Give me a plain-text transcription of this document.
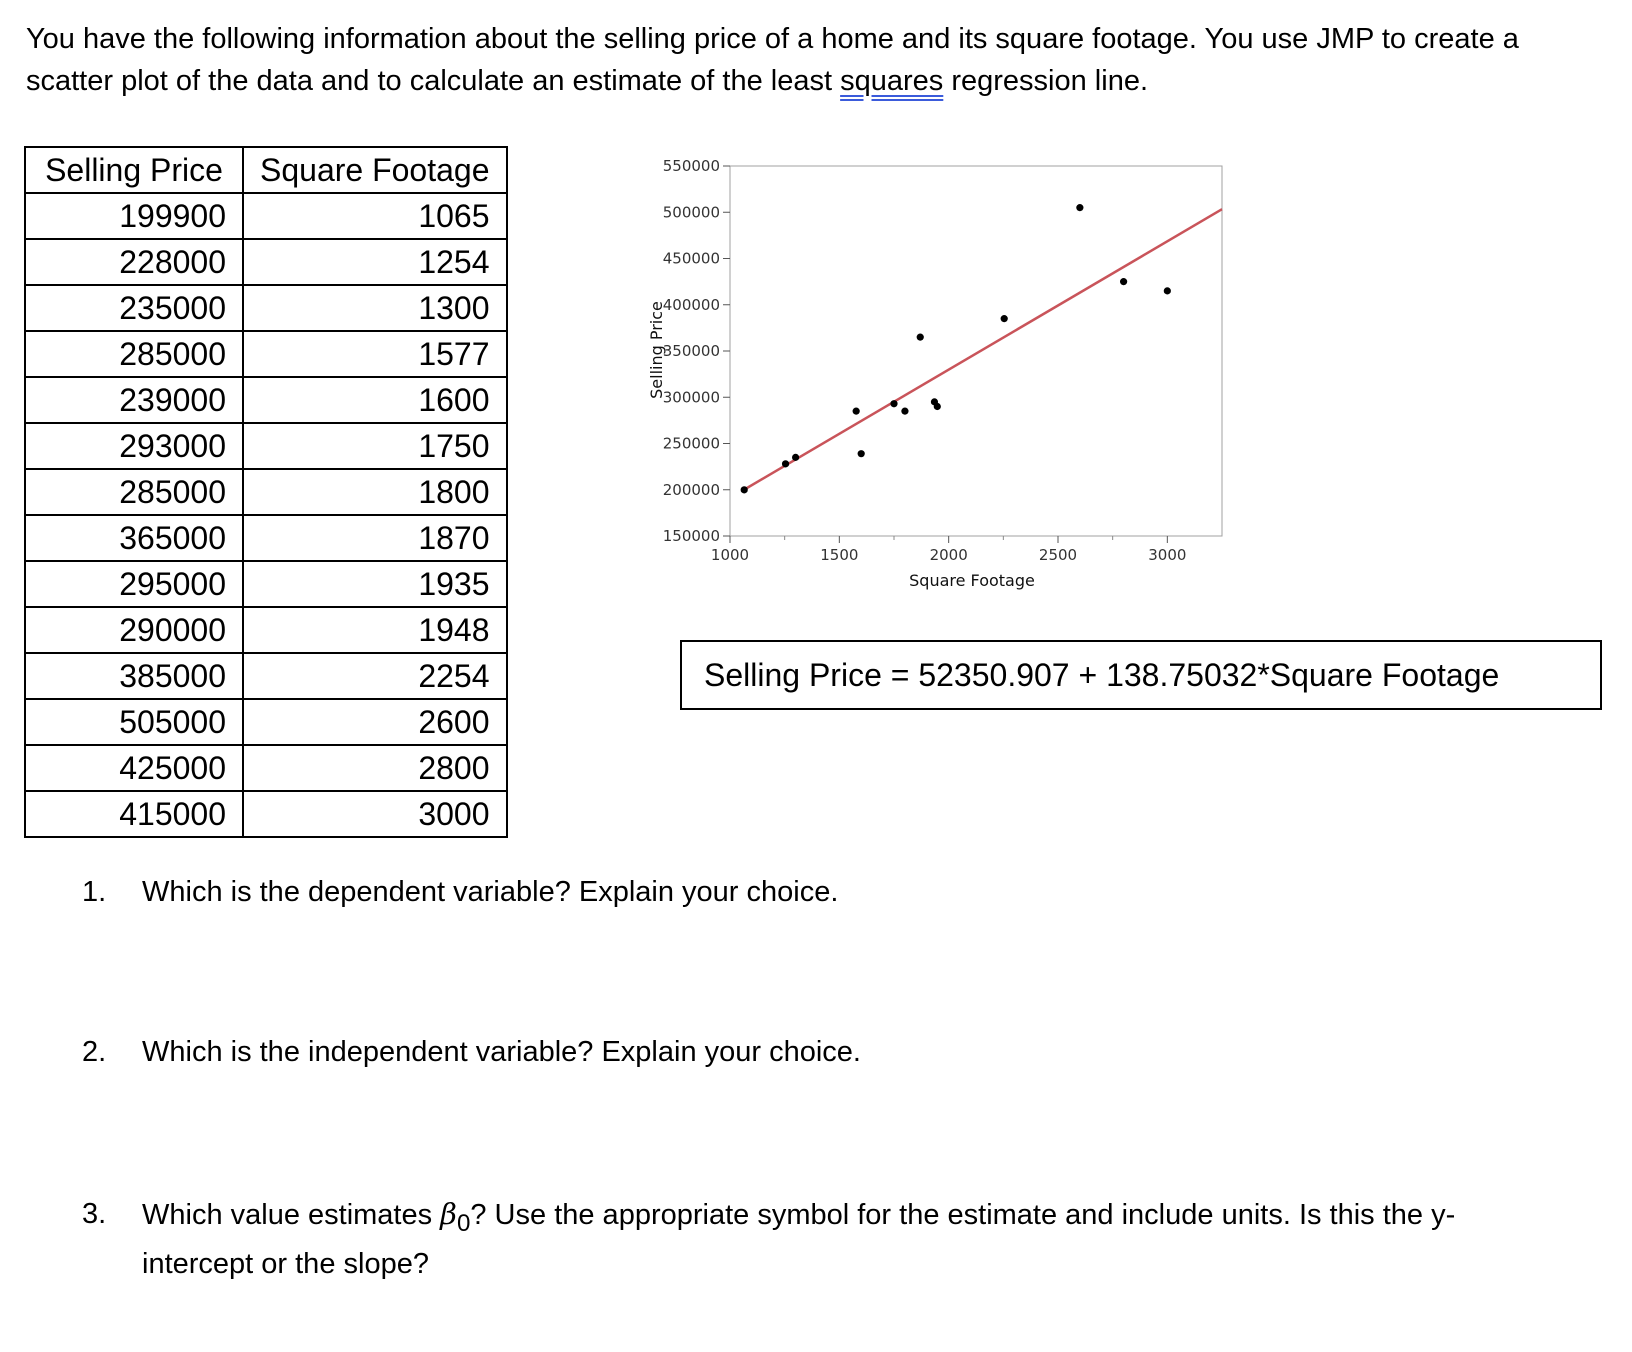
You have the following information about the selling price of a home and its square footage. You use JMP to create a scatter plot of the data and to calculate an estimate of the least squares regression line.
Selling Price	Square Footage
199900	1065
228000	1254
235000	1300
285000	1577
239000	1600
293000	1750
285000	1800
365000	1870
295000	1935
290000	1948
385000	2254
505000	2600
425000	2800
415000	3000
150000
200000
250000
300000
350000
400000
450000
500000
550000
1000	1500	2000	2500	3000
Square Footage
Selling Price
Selling Price = 52350.907 + 138.75032*Square Footage
1. Which is the dependent variable? Explain your choice.
2. Which is the independent variable? Explain your choice.
3. Which value estimates $\beta_0$? Use the appropriate symbol for the estimate and include units. Is this the y-intercept or the slope?
